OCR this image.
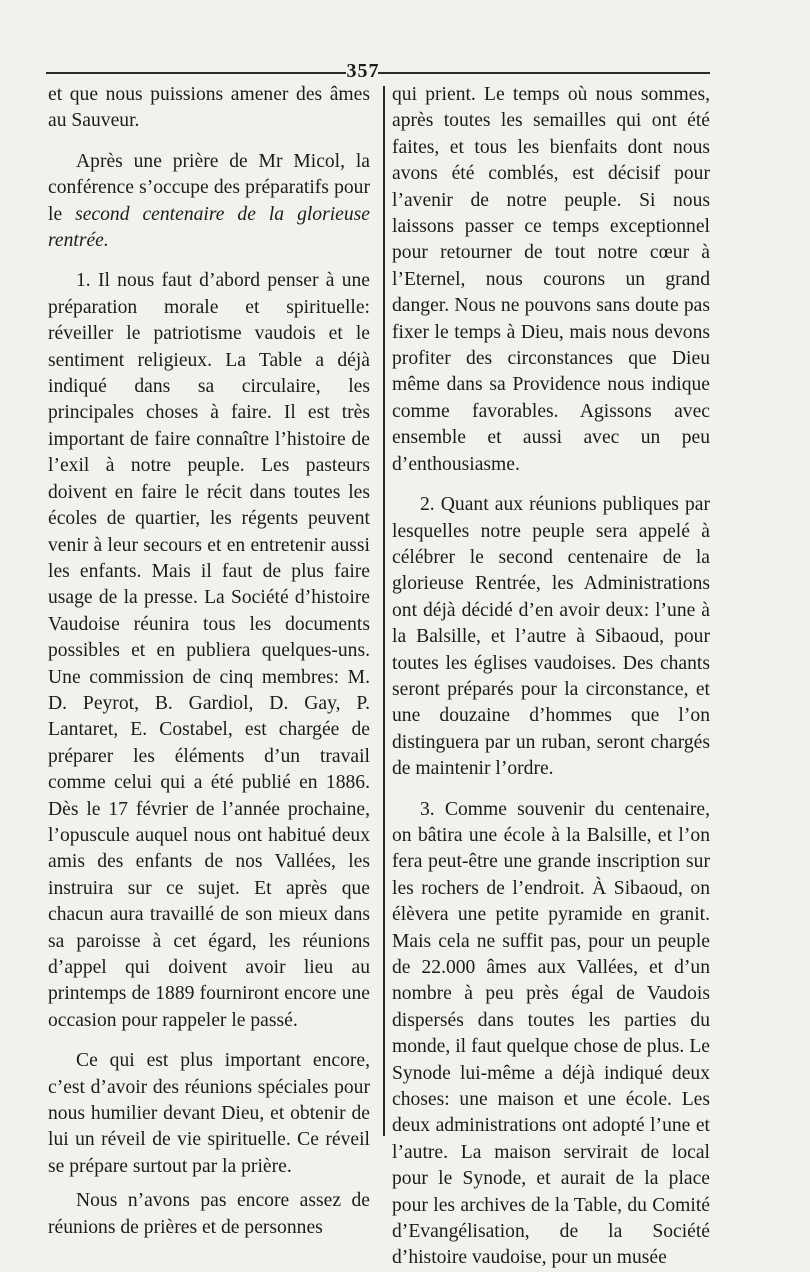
357

et que nous puissions amener des âmes au Sauveur.

Après une prière de Mr Micol, la conférence s’occupe des préparatifs pour le second centenaire de la glorieuse rentrée.

1. Il nous faut d’abord penser à une préparation morale et spirituelle: réveiller le patriotisme vaudois et le sentiment religieux. La Table a déjà indiqué dans sa circulaire, les principales choses à faire. Il est très important de faire connaître l’histoire de l’exil à notre peuple. Les pasteurs doivent en faire le récit dans toutes les écoles de quartier, les régents peuvent venir à leur secours et en entretenir aussi les enfants. Mais il faut de plus faire usage de la presse. La Société d’histoire Vaudoise réunira tous les documents possibles et en publiera quelques-uns. Une commission de cinq membres: M. D. Peyrot, B. Gardiol, D. Gay, P. Lantaret, E. Costabel, est chargée de préparer les éléments d’un travail comme celui qui a été publié en 1886. Dès le 17 février de l’année prochaine, l’opuscule auquel nous ont habitué deux amis des enfants de nos Vallées, les instruira sur ce sujet. Et après que chacun aura travaillé de son mieux dans sa paroisse à cet égard, les réunions d’appel qui doivent avoir lieu au printemps de 1889 fourniront encore une occasion pour rappeler le passé.

Ce qui est plus important encore, c’est d’avoir des réunions spéciales pour nous humilier devant Dieu, et obtenir de lui un réveil de vie spirituelle. Ce réveil se prépare surtout par la prière.

Nous n’avons pas encore assez de réunions de prières et de personnes

qui prient. Le temps où nous sommes, après toutes les semailles qui ont été faites, et tous les bienfaits dont nous avons été comblés, est décisif pour l’avenir de notre peuple. Si nous laissons passer ce temps exceptionnel pour retourner de tout notre cœur à l’Eternel, nous courons un grand danger. Nous ne pouvons sans doute pas fixer le temps à Dieu, mais nous devons profiter des circonstances que Dieu même dans sa Providence nous indique comme favorables. Agissons avec ensemble et aussi avec un peu d’enthousiasme.

2. Quant aux réunions publiques par lesquelles notre peuple sera appelé à célébrer le second centenaire de la glorieuse Rentrée, les Administrations ont déjà décidé d’en avoir deux: l’une à la Balsille, et l’autre à Sibaoud, pour toutes les églises vaudoises. Des chants seront préparés pour la circonstance, et une douzaine d’hommes que l’on distinguera par un ruban, seront chargés de maintenir l’ordre.

3. Comme souvenir du centenaire, on bâtira une école à la Balsille, et l’on fera peut-être une grande inscription sur les rochers de l’endroit. À Sibaoud, on élèvera une petite pyramide en granit. Mais cela ne suffit pas, pour un peuple de 22.000 âmes aux Vallées, et d’un nombre à peu près égal de Vaudois dispersés dans toutes les parties du monde, il faut quelque chose de plus. Le Synode lui-même a déjà indiqué deux choses: une maison et une école. Les deux administrations ont adopté l’une et l’autre. La maison servirait de local pour le Synode, et aurait de la place pour les archives de la Table, du Comité d’Evangélisation, de la Société d’histoire vaudoise, pour un musée
